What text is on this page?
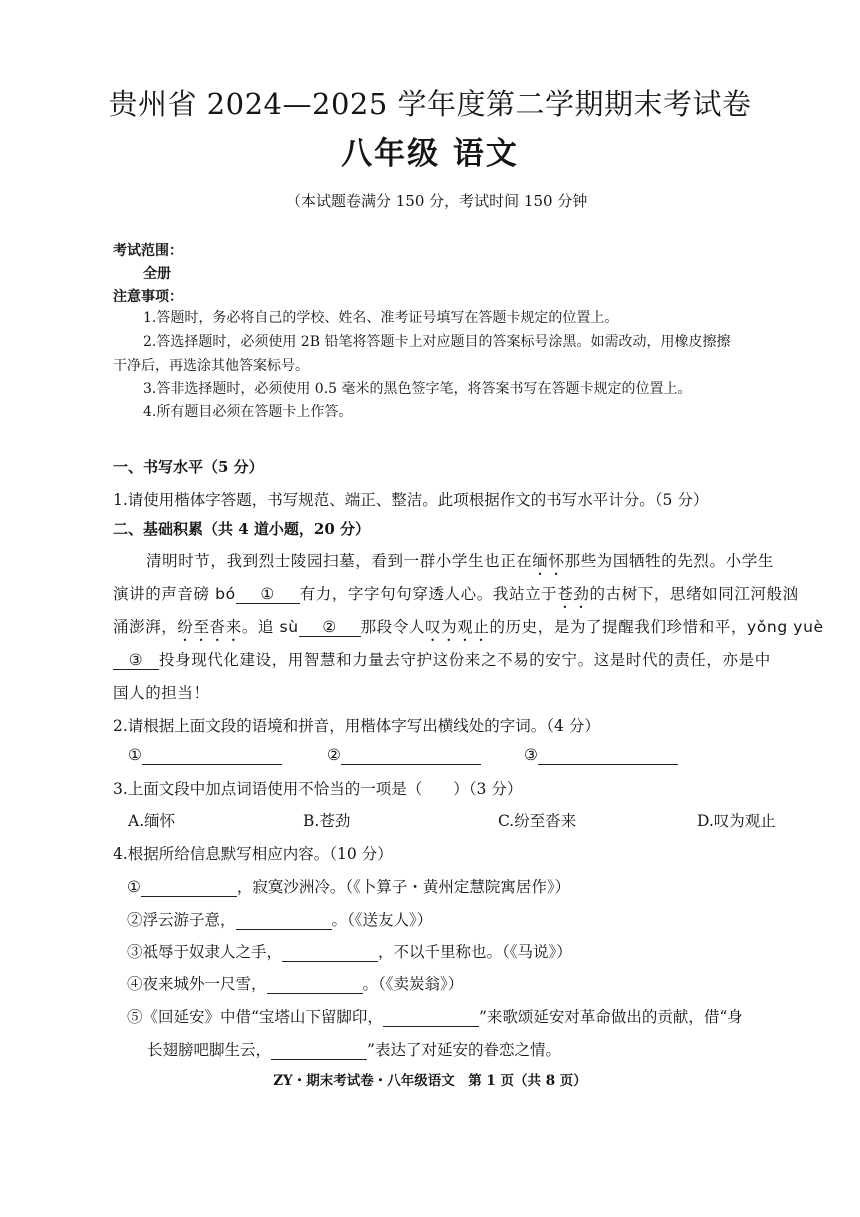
贵州省 2024—2025 学年度第二学期期末考试卷
八年级 语文
（本试题卷满分 150 分，考试时间 150 分钟
考试范围：
全册
注意事项：
1.答题时，务必将自己的学校、姓名、准考证号填写在答题卡规定的位置上。
2.答选择题时，必须使用 2B 铅笔将答题卡上对应题目的答案标号涂黑。如需改动，用橡皮擦擦
干净后，再选涂其他答案标号。
3.答非选择题时，必须使用 0.5 毫米的黑色签字笔，将答案书写在答题卡规定的位置上。
4.所有题目必须在答题卡上作答。
一、书写水平（5 分）
1.请使用楷体字答题，书写规范、端正、整洁。此项根据作文的书写水平计分。（5 分）
二、基础积累（共 4 道小题，20 分）
清明时节，我到烈士陵园扫墓，看到一群小学生也正在缅怀那些为国牺牲的先烈。小学生
演讲的声音磅 bó ① 有力，字字句句穿透人心。我站立于苍劲的古树下，思绪如同江河般汹
涌澎湃，纷至沓来。追 sù ② 那段令人叹为观止的历史，是为了提醒我们珍惜和平，yǒng yuè
③ 投身现代化建设，用智慧和力量去守护这份来之不易的安宁。这是时代的责任，亦是中
国人的担当！
2.请根据上面文段的语境和拼音，用楷体字写出横线处的字词。（4 分）
①	②	③
3.上面文段中加点词语使用不恰当的一项是（　　）（3 分）
A.缅怀	B.苍劲	C.纷至沓来	D.叹为观止
4.根据所给信息默写相应内容。（10 分）
①	，寂寞沙洲冷。（《卜算子・黄州定慧院寓居作》）
②浮云游子意，	。（《送友人》）
③祗辱于奴隶人之手，	，不以千里称也。（《马说》）
④夜来城外一尺雪，	。（《卖炭翁》）
⑤《回延安》中借“宝塔山下留脚印，	”来歌颂延安对革命做出的贡献，借“身
长翅膀吧脚生云，	”表达了对延安的眷恋之情。
ZY・期末考试卷・八年级语文　第 1 页（共 8 页）
